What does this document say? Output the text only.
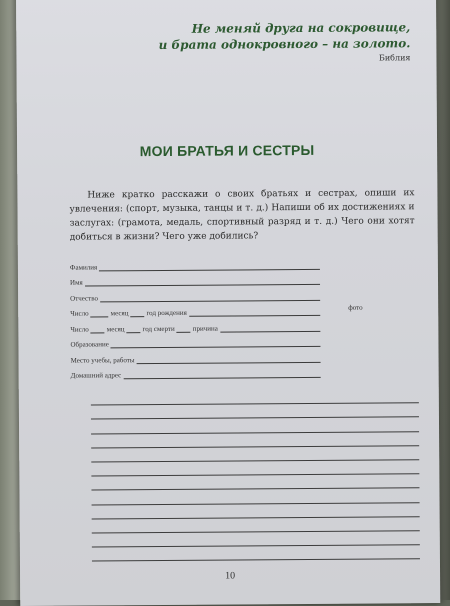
Не меняй друга на сокровище,
и брата однокровного – на золото.
Библия
МОИ БРАТЬЯ И СЕСТРЫ
Ниже кратко расскажи о своих братьях и сестрах, опиши их увлечения: (спорт, музыка, танцы и т. д.) Напиши об их достижениях и заслугах: (грамота, медаль, спортивный разряд и т. д.) Чего они хотят добиться в жизни? Чего уже добились?
Фамилия
Имя
Отчество
Число	месяц	год рождения
Число	месяц	год смерти	причина
Образование
Место учебы, работы
Домашний адрес
фото
10
